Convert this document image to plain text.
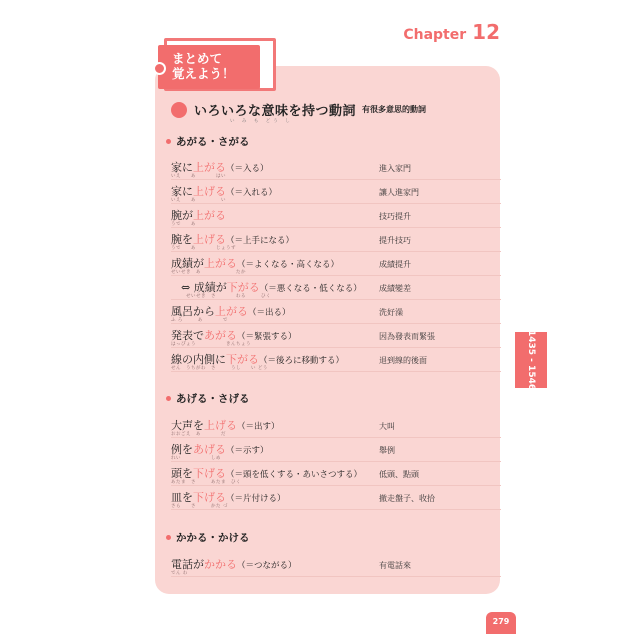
Chapter 12
まとめて
覚えよう！
いろいろな意味を持つ動詞 有很多意思的動詞
い み も どう し
あがる・さがる
家に上がる（＝入る）
いえ　　あ　　　　はい
進入家門
家に上げる（＝入れる）
いえ　　あ　　　　　い
讓人進家門
腕が上がる
うで　　あ
技巧提升
腕を上げる（＝上手になる）
うで　　あ　　　　じょうず
提升技巧
成績が上がる（＝よくなる・高くなる）
せいせき　あ　　　　　　　たか
成績提升
⇔ 成績が下がる（＝悪くなる・低くなる）
　せいせき　さ　　　　わる　　　ひく
成績變差
風呂から上がる（＝出る）
ふ ろ　　　あ　　　　で
洗好澡
発表であがる（＝緊張する）
はっぴょう　　　　　　きんちょう
因為發表而緊張
線の内側に下がる（＝後ろに移動する）
せん　うちがわ　さ　　　うし　　い どう
退到線的後面
あげる・さげる
大声を上げる（＝出す）
おおごえ　あ　　　　だ
大叫
例をあげる（＝示す）
れい　　　　　　しめ
舉例
頭を下げる（＝頭を低くする・あいさつする）
あたま　さ　　　あたま　ひく
低頭、點頭
皿を下げる（＝片付ける）
さら　　さ　　　かた づ
撤走盤子、收拾
かかる・かける
電話がかかる（＝つながる）
でん わ
有電話來
1435 - 1546
279
